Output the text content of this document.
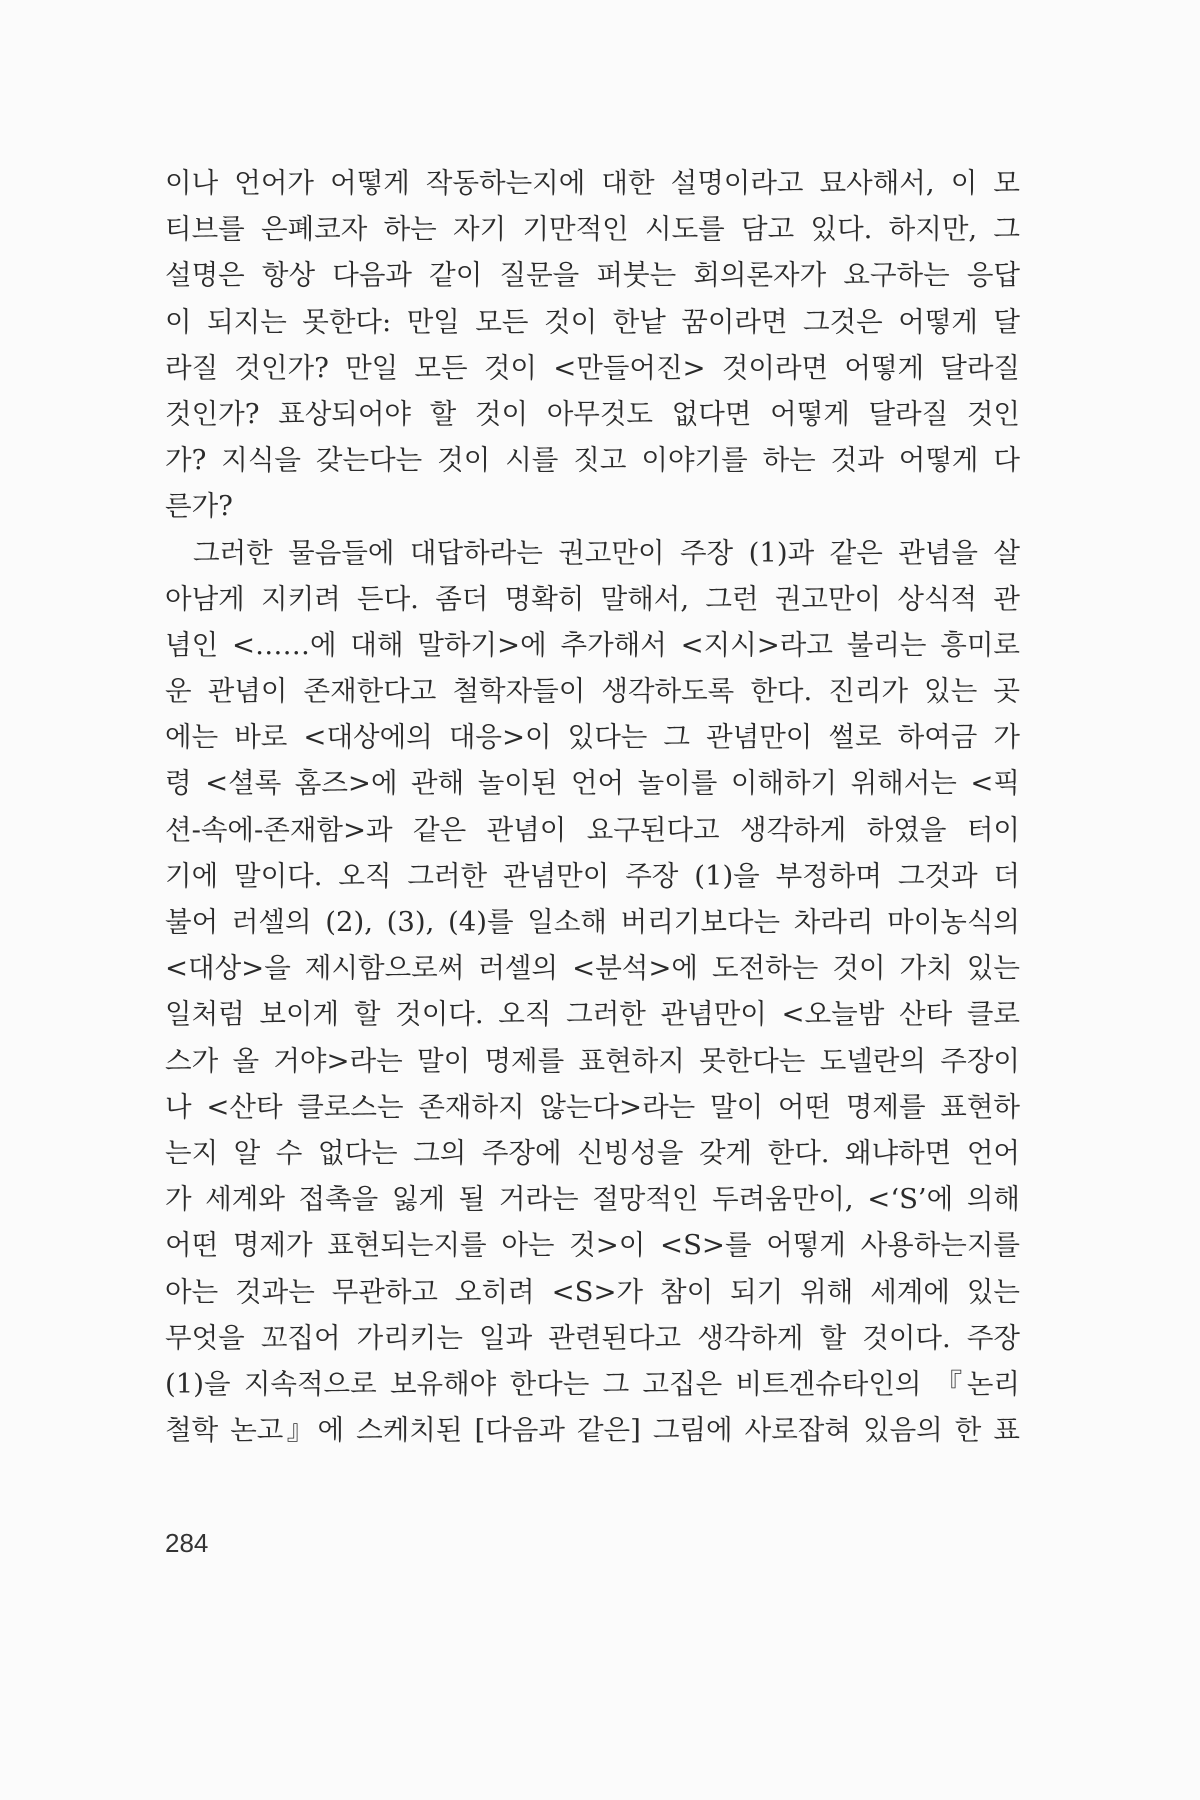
이나 언어가 어떻게 작동하는지에 대한 설명이라고 묘사해서, 이 모
티브를 은폐코자 하는 자기 기만적인 시도를 담고 있다. 하지만, 그
설명은 항상 다음과 같이 질문을 퍼붓는 회의론자가 요구하는 응답
이 되지는 못한다: 만일 모든 것이 한낱 꿈이라면 그것은 어떻게 달
라질 것인가? 만일 모든 것이 <만들어진> 것이라면 어떻게 달라질
것인가? 표상되어야 할 것이 아무것도 없다면 어떻게 달라질 것인
가? 지식을 갖는다는 것이 시를 짓고 이야기를 하는 것과 어떻게 다
른가?
그러한 물음들에 대답하라는 권고만이 주장 (1)과 같은 관념을 살
아남게 지키려 든다. 좀더 명확히 말해서, 그런 권고만이 상식적 관
념인 <……에 대해 말하기>에 추가해서 <지시>라고 불리는 흥미로
운 관념이 존재한다고 철학자들이 생각하도록 한다. 진리가 있는 곳
에는 바로 <대상에의 대응>이 있다는 그 관념만이 썰로 하여금 가
령 <셜록 홈즈>에 관해 놀이된 언어 놀이를 이해하기 위해서는 <픽
션-속에-존재함>과 같은 관념이 요구된다고 생각하게 하였을 터이
기에 말이다. 오직 그러한 관념만이 주장 (1)을 부정하며 그것과 더
불어 러셀의 (2), (3), (4)를 일소해 버리기보다는 차라리 마이농식의
<대상>을 제시함으로써 러셀의 <분석>에 도전하는 것이 가치 있는
일처럼 보이게 할 것이다. 오직 그러한 관념만이 <오늘밤 산타 클로
스가 올 거야>라는 말이 명제를 표현하지 못한다는 도넬란의 주장이
나 <산타 클로스는 존재하지 않는다>라는 말이 어떤 명제를 표현하
는지 알 수 없다는 그의 주장에 신빙성을 갖게 한다. 왜냐하면 언어
가 세계와 접촉을 잃게 될 거라는 절망적인 두려움만이, <‘S’에 의해
어떤 명제가 표현되는지를 아는 것>이 <S>를 어떻게 사용하는지를
아는 것과는 무관하고 오히려 <S>가 참이 되기 위해 세계에 있는
무엇을 꼬집어 가리키는 일과 관련된다고 생각하게 할 것이다. 주장
(1)을 지속적으로 보유해야 한다는 그 고집은 비트겐슈타인의 『논리
철학 논고』에 스케치된 [다음과 같은] 그림에 사로잡혀 있음의 한 표
284
